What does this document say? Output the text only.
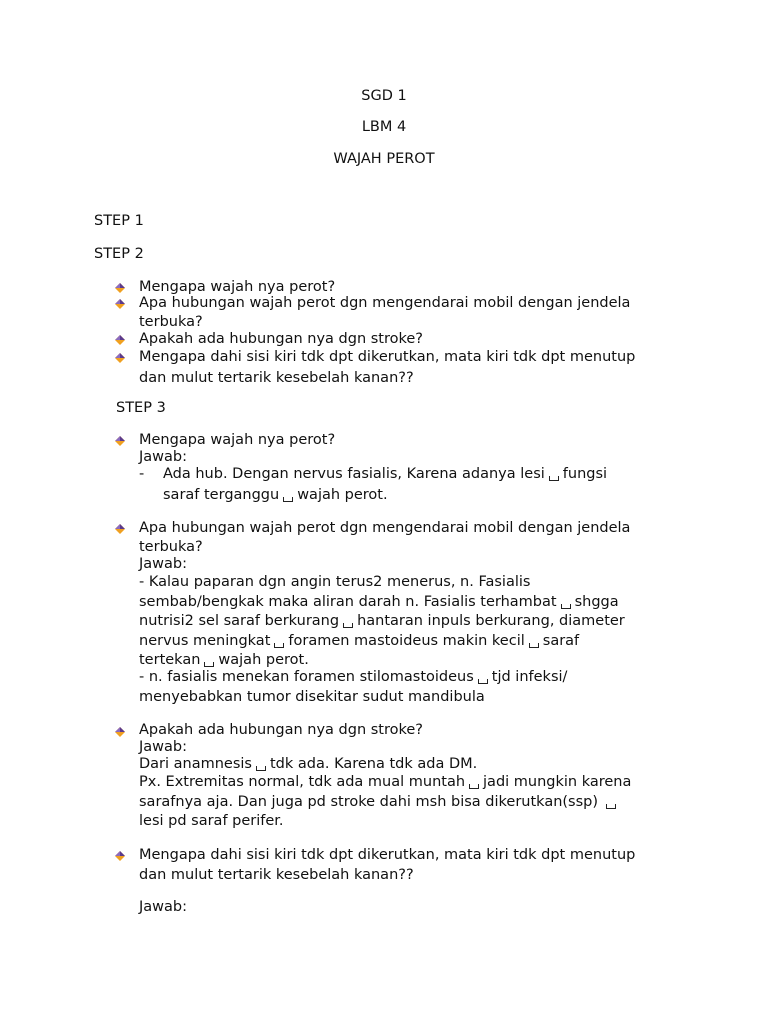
SGD 1
LBM 4
WAJAH PEROT
STEP 1
STEP 2
Mengapa wajah nya perot?
Apa hubungan wajah perot dgn mengendarai mobil dengan jendela
terbuka?
Apakah ada hubungan nya dgn stroke?
Mengapa dahi sisi kiri tdk dpt dikerutkan, mata kiri tdk dpt menutup
dan mulut tertarik kesebelah kanan??
STEP 3
Mengapa wajah nya perot?
Jawab:
- Ada hub. Dengan nervus fasialis, Karena adanya lesi fungsi
saraf terganggu wajah perot.
Apa hubungan wajah perot dgn mengendarai mobil dengan jendela
terbuka?
Jawab:
- Kalau paparan dgn angin terus2 menerus, n. Fasialis
sembab/bengkak maka aliran darah n. Fasialis terhambat shgga
nutrisi2 sel saraf berkurang hantaran inpuls berkurang, diameter
nervus meningkat foramen mastoideus makin kecil saraf
tertekan wajah perot.
- n. fasialis menekan foramen stilomastoideus tjd infeksi/
menyebabkan tumor disekitar sudut mandibula
Apakah ada hubungan nya dgn stroke?
Jawab:
Dari anamnesis tdk ada. Karena tdk ada DM.
Px. Extremitas normal, tdk ada mual muntah jadi mungkin karena
sarafnya aja. Dan juga pd stroke dahi msh bisa dikerutkan(ssp)
lesi pd saraf perifer.
Mengapa dahi sisi kiri tdk dpt dikerutkan, mata kiri tdk dpt menutup
dan mulut tertarik kesebelah kanan??
Jawab:
